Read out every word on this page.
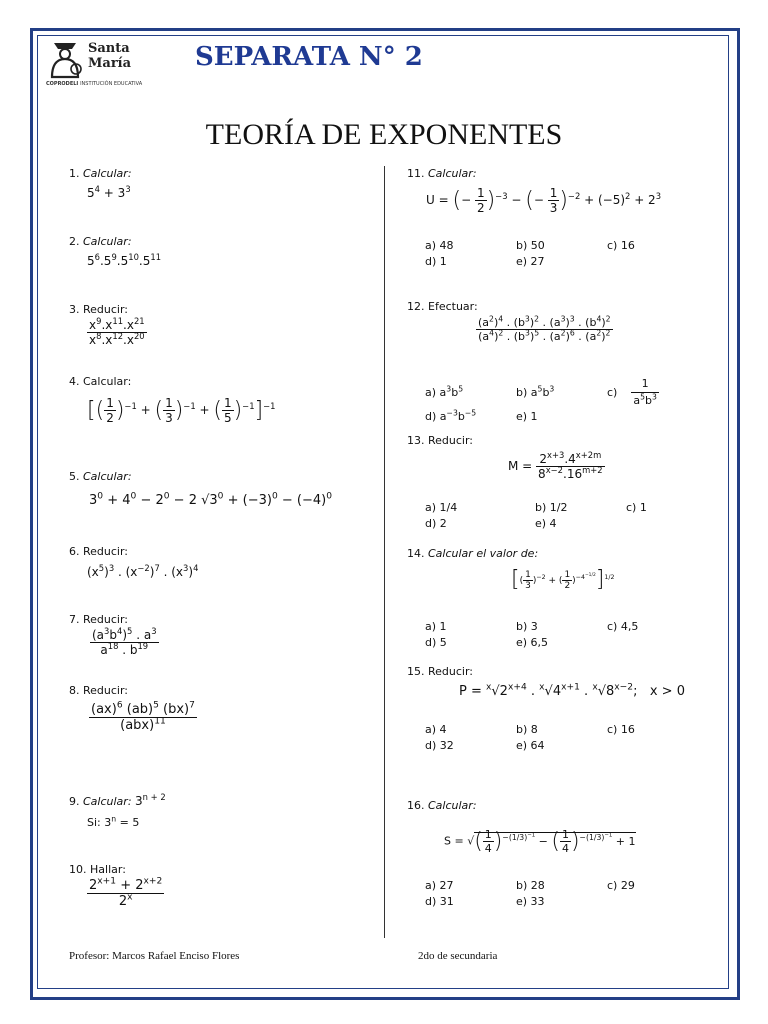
Santa
María
COPRODELI INSTITUCIÓN EDUCATIVA
SEPARATA N° 2
TEORÍA DE EXPONENTES
1. Calcular:
$5^4 + 3^3$
2. Calcular:
$5^6.5^9.5^{10}.5^{11}$
3. Reducir:
$\frac{x^9.x^{11}.x^{21}}{x^8.x^{12}.x^{20}}$
4. Calcular:
[( $\frac{1}{2} )^{-1}$ + ( $\frac{1}{3} )^{-1}$ + ( $\frac{1}{5} )^{-1}]^{-1}$
5. Calcular:
$3^0 + 4^0 - 2^0 - 2$ $√3^0 + (-3)^0 - (-4)^0$
6. Reducir:
$(x^5)^3$ . $(x^{-2})^7$ . $(x^3)^4$
7. Reducir:
$\frac{(a^3b^4)^5 . a^3}{a^{18} . b^{19}}$
8. Reducir:
$\frac{(ax)^6 (ab)^5 (bx)^7}{(abx)^{11}}$
9. Calcular: $3^{n + 2}$
Si: $3^n = 5$
10. Hallar:
$\frac{2^{x+1} + 2^{x+2}}{2^x}$
11. Calcular:
U = (− $\frac{1}{2} )^{-3}$ − (− $\frac{1}{3} )^{-2} + (-5)^2 + 2^3$
a) 48	b) 50	c) 16
d) 1	e) 27
12. Efectuar:
$\frac{(a^2)^4 . (b^3)^2 . (a^3)^3 . (b^4)^2}{(a^4)^2 . (b^3)^5 . (a^2)^6 . (a^2)^2}$
a) $a^3b^5$	b) $a^5b^3$	$c) \frac{1}{a^5b^3}$

d) $a^{-3}b^{-5}$	e) 1
13. Reducir:
$M = \frac{2^{x+3}.4^{x+2m}}{8^{x-2}.16^{m+2}}$
a) 1/4	b) 1/2	c) 1
d) 2	e) 4
14. Calcular el valor de:
[( $\frac{1}{3} )^{-2}$ + ( $\frac{1}{2} )^{-4^{-1/2}}]^{1/2}$
a) 1	b) 3	c) 4,5
d) 5	e) 6,5
15. Reducir:
$P = ^x√2^{x+4}$ . $^x√4^{x+1}$ . $^x√8^{x-2}$;   x > 0
a) 4	b) 8	c) 16
d) 32	e) 64
16. Calcular:
S = √( $\frac{1}{4} )^{-(1/3)^{-1}}$ − ( $\frac{1}{4} )^{-(1/3)^{-1}} + 1$
a) 27	b) 28	c) 29
d) 31	e) 33
Profesor: Marcos Rafael Enciso Flores	2do de secundaria
